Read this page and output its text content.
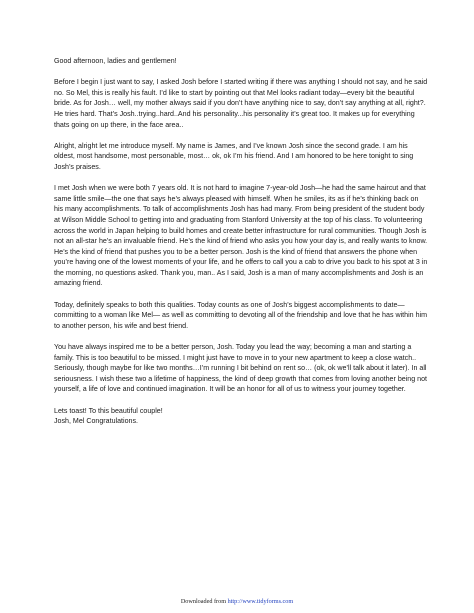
Good afternoon, ladies and gentlemen!

Before I begin I just want to say, I asked Josh before I started writing if there was anything I should not say, and he said no. So Mel, this is really his fault. I’d like to start by pointing out that Mel looks radiant today—every bit the beautiful bride. As for Josh… well, my mother always said if you don’t have anything nice to say, don’t say anything at all, right?. He tries hard. That’s Josh..trying..hard..And his personality...his personality it’s great too. It makes up for everything thats going on up there, in the face area..

Alright, alright let me introduce myself. My name is James, and I’ve known Josh since the second grade. I am his oldest, most handsome, most personable, most… ok, ok I’m his friend. And I am honored to be here tonight to sing Josh’s praises.

I met Josh when we were both 7 years old. It is not hard to imagine 7-year-old Josh—he had the same haircut and that same little smile—the one that says he’s always pleased with himself. When he smiles, its as if he’s thinking back on his many accomplishments. To talk of accomplishments Josh has had many. From being president of the student body at Wilson Middle School to getting into and graduating from Stanford University at the top of his class. To volunteering across the world in Japan helping to build homes and create better infrastructure for rural communities. Though Josh is not an all-star he’s an invaluable friend. He’s the kind of friend who asks you how your day is, and really wants to know. He’s the kind of friend that pushes you to be a better person. Josh is the kind of friend that answers the phone when you’re having one of the lowest moments of your life, and he offers to call you a cab to drive you back to his spot at 3 in the morning, no questions asked. Thank you, man.. As I said, Josh is a man of many accomplishments and Josh is an amazing friend.

Today, definitely speaks to both this qualities. Today counts as one of Josh’s biggest accomplishments to date—committing to a woman like Mel— as well as committing to devoting all of the friendship and love that he has within him to another person, his wife and best friend.

You have always inspired me to be a better person, Josh. Today you lead the way; becoming a man and starting a family. This is too beautiful to be missed. I might just have to move in to your new apartment to keep a close watch.. Seriously, though maybe for like two months…I’m running I bit behind on rent so… (ok, ok we’ll talk about it later). In all seriousness. I wish these two a lifetime of happiness, the kind of deep growth that comes from loving another being not yourself, a life of love and continued imagination. It will be an honor for all of us to witness your journey together.

Lets toast! To this beautiful couple!
Josh, Mel Congratulations.
Downloaded from http://www.tidyforms.com
